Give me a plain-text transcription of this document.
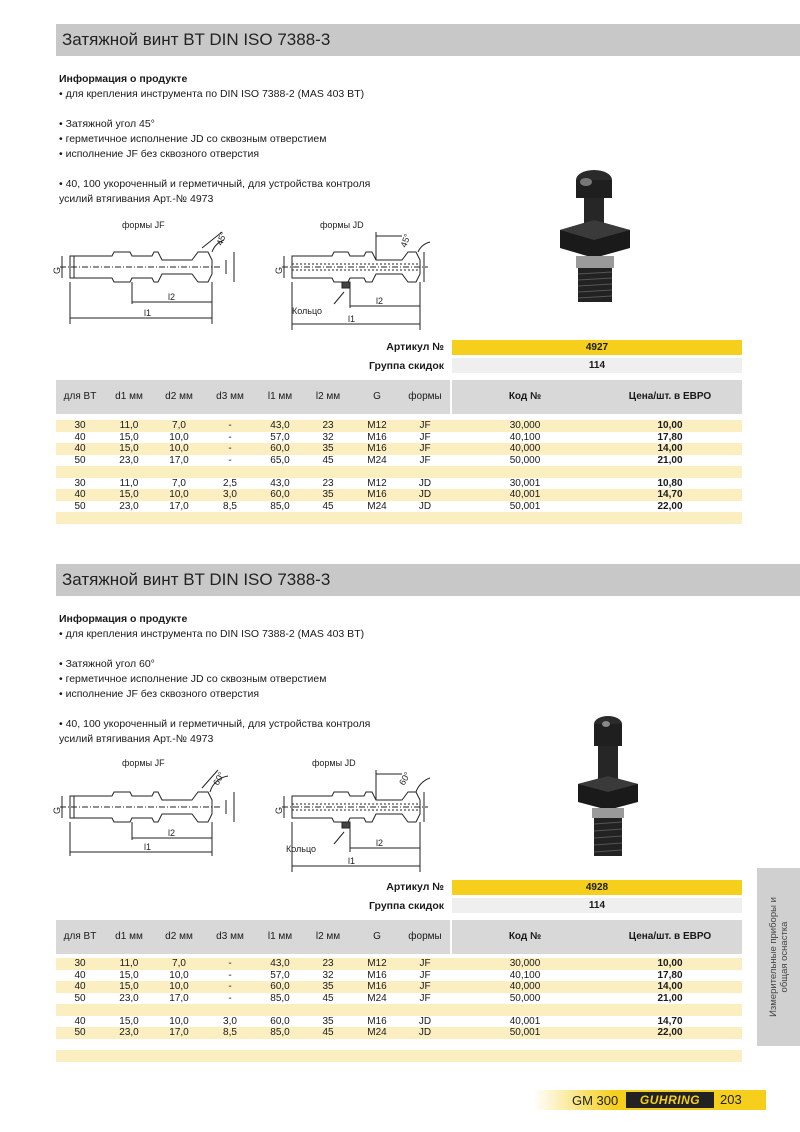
Затяжной винт BT DIN ISO 7388-3
Информация о продукте
• для крепления инструмента по DIN ISO 7388-2 (MAS 403 BT)
• Затяжной угол 45°
• герметичное исполнение JD со сквозным отверстием
• исполнение JF без сквозного отверстия
• 40, 100 укороченный и герметичный, для устройства контроля
усилий втягивания Арт.-№ 4973
формы JF	формы JD
45°	45°
Кольцо
G	G
l2
l1
l2
l1
Артикул №	4927
Группа скидок	114
для BT	d1 мм	d2 мм	d3 мм	l1 мм	l2 мм	G	формы	Код №	Цена/шт. в ЕВРО
30	11,0	7,0	-	43,0	23	M12	JF	30,000	10,00
40	15,0	10,0	-	57,0	32	M16	JF	40,100	17,80
40	15,0	10,0	-	60,0	35	M16	JF	40,000	14,00
50	23,0	17,0	-	65,0	45	M24	JF	50,000	21,00
30	11,0	7,0	2,5	43,0	23	M12	JD	30,001	10,80
40	15,0	10,0	3,0	60,0	35	M16	JD	40,001	14,70
50	23,0	17,0	8,5	85,0	45	M24	JD	50,001	22,00
Затяжной винт BT DIN ISO 7388-3
Информация о продукте
• для крепления инструмента по DIN ISO 7388-2 (MAS 403 BT)
• Затяжной угол 60°
• герметичное исполнение JD со сквозным отверстием
• исполнение JF без сквозного отверстия
• 40, 100 укороченный и герметичный, для устройства контроля
усилий втягивания Арт.-№ 4973
формы JF	формы JD
60°	60°
Кольцо
G	G
l2
l1	l2
l1
Артикул №	4928
Группа скидок	114
для BT	d1 мм	d2 мм	d3 мм	l1 мм	l2 мм	G	формы	Код №	Цена/шт. в ЕВРО
30	11,0	7,0	-	43,0	23	M12	JF	30,000	10,00
40	15,0	10,0	-	57,0	32	M16	JF	40,100	17,80
40	15,0	10,0	-	60,0	35	M16	JF	40,000	14,00
50	23,0	17,0	-	85,0	45	M24	JF	50,000	21,00
40	15,0	10,0	3,0	60,0	35	M16	JD	40,001	14,70
50	23,0	17,0	8,5	85,0	45	M24	JD	50,001	22,00
Измерительные приборы и общая оснастка
GM 300	GUHRING	203
